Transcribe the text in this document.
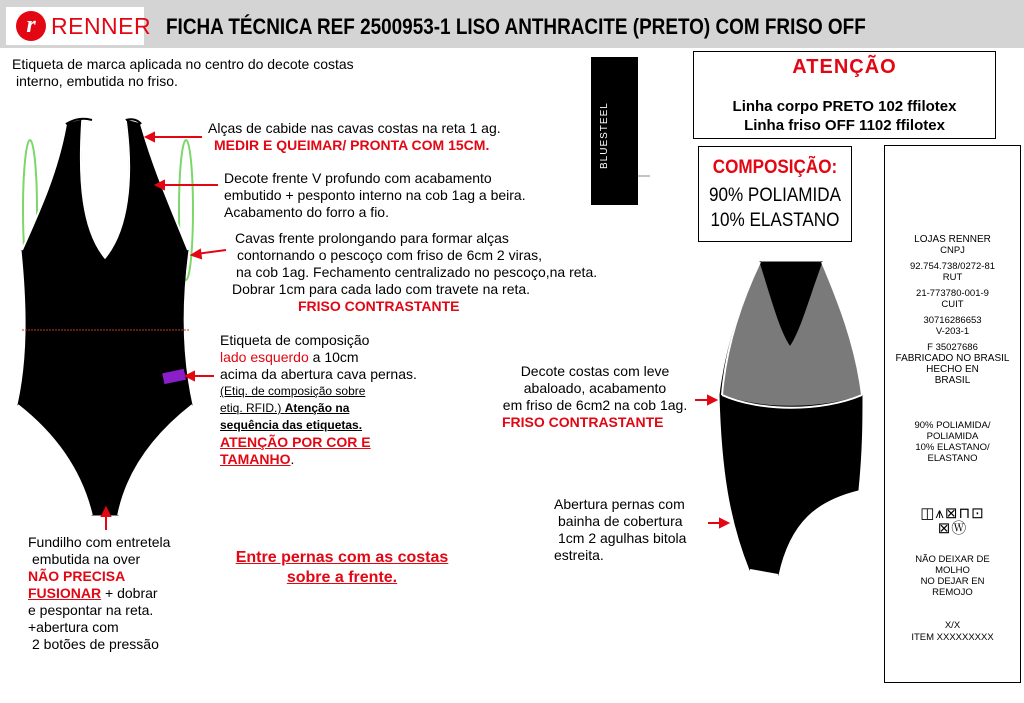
r RENNER FICHA TÉCNICA REF 2500953-1 LISO ANTHRACITE (PRETO) COM FRISO OFF
Etiqueta de marca aplicada no centro do decote costas
interno, embutida no friso.
BLUESTEEL
Alças de cabide nas cavas costas na reta 1 ag.
MEDIR E QUEIMAR/ PRONTA COM 15CM.
Decote frente V profundo com acabamento
embutido + pesponto interno na cob 1ag a beira.
Acabamento do forro a fio.
Cavas frente prolongando para formar alças
contornando o pescoço com friso de 6cm 2 viras,
na cob 1ag. Fechamento centralizado no pescoço,na reta.
Dobrar 1cm para cada lado com travete na reta.
FRISO CONTRASTANTE
Etiqueta de composição
lado esquerdo a 10cm
acima da abertura cava pernas.
(Etiq. de composição sobre
etiq. RFID.) Atenção na
sequência das etiquetas.
ATENÇÃO POR COR E
TAMANHO.
Fundilho com entretela
embutida na over
NÃO PRECISA
FUSIONAR + dobrar
e pespontar na reta.
+abertura com
2 botões de pressão
Entre pernas com as costas
sobre a frente.
Decote costas com leve
abaloado, acabamento
em friso de 6cm2 na cob 1ag.
FRISO CONTRASTANTE
Abertura pernas com
bainha de cobertura
1cm 2 agulhas bitola
estreita.
ATENÇÃO
Linha corpo PRETO 102 ffilotex
Linha friso OFF 1102 ffilotex
COMPOSIÇÃO:
90% POLIAMIDA
10% ELASTANO
LOJAS RENNER
CNPJ
92.754.738/0272-81
RUT
21-773780-001-9
CUIT
30716286653
V-203-1
F 35027686
FABRICADO NO BRASIL
HECHO EN
BRASIL
90% POLIAMIDA/
POLIAMIDA
10% ELASTANO/
ELASTANO
◫⩚⊠⊓⊡
⊠Ⓦ
NÃO DEIXAR DE
MOLHO
NO DEJAR EN
REMOJO
X/X
ITEM XXXXXXXXX
